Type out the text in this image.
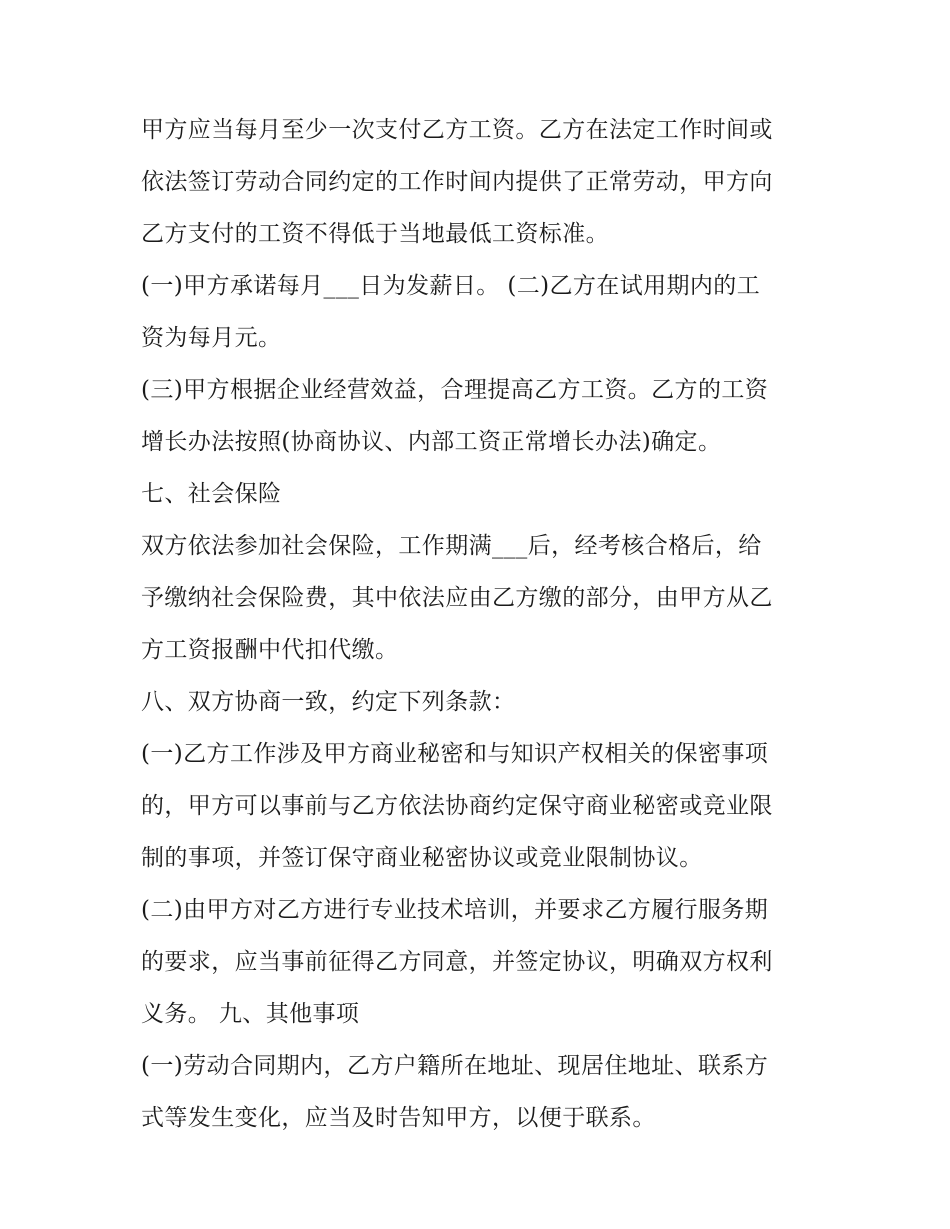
甲方应当每月至少一次支付乙方工资。乙方在法定工作时间或
依法签订劳动合同约定的工作时间内提供了正常劳动，甲方向
乙方支付的工资不得低于当地最低工资标准。
(一)甲方承诺每月___日为发薪日。 (二)乙方在试用期内的工
资为每月元。
(三)甲方根据企业经营效益，合理提高乙方工资。乙方的工资
增长办法按照(协商协议、内部工资正常增长办法)确定。
七、社会保险
双方依法参加社会保险，工作期满___后，经考核合格后，给
予缴纳社会保险费，其中依法应由乙方缴的部分，由甲方从乙
方工资报酬中代扣代缴。
八、双方协商一致，约定下列条款：
(一)乙方工作涉及甲方商业秘密和与知识产权相关的保密事项
的，甲方可以事前与乙方依法协商约定保守商业秘密或竞业限
制的事项，并签订保守商业秘密协议或竞业限制协议。
(二)由甲方对乙方进行专业技术培训，并要求乙方履行服务期
的要求，应当事前征得乙方同意，并签定协议，明确双方权利
义务。 九、其他事项
(一)劳动合同期内，乙方户籍所在地址、现居住地址、联系方
式等发生变化，应当及时告知甲方，以便于联系。
